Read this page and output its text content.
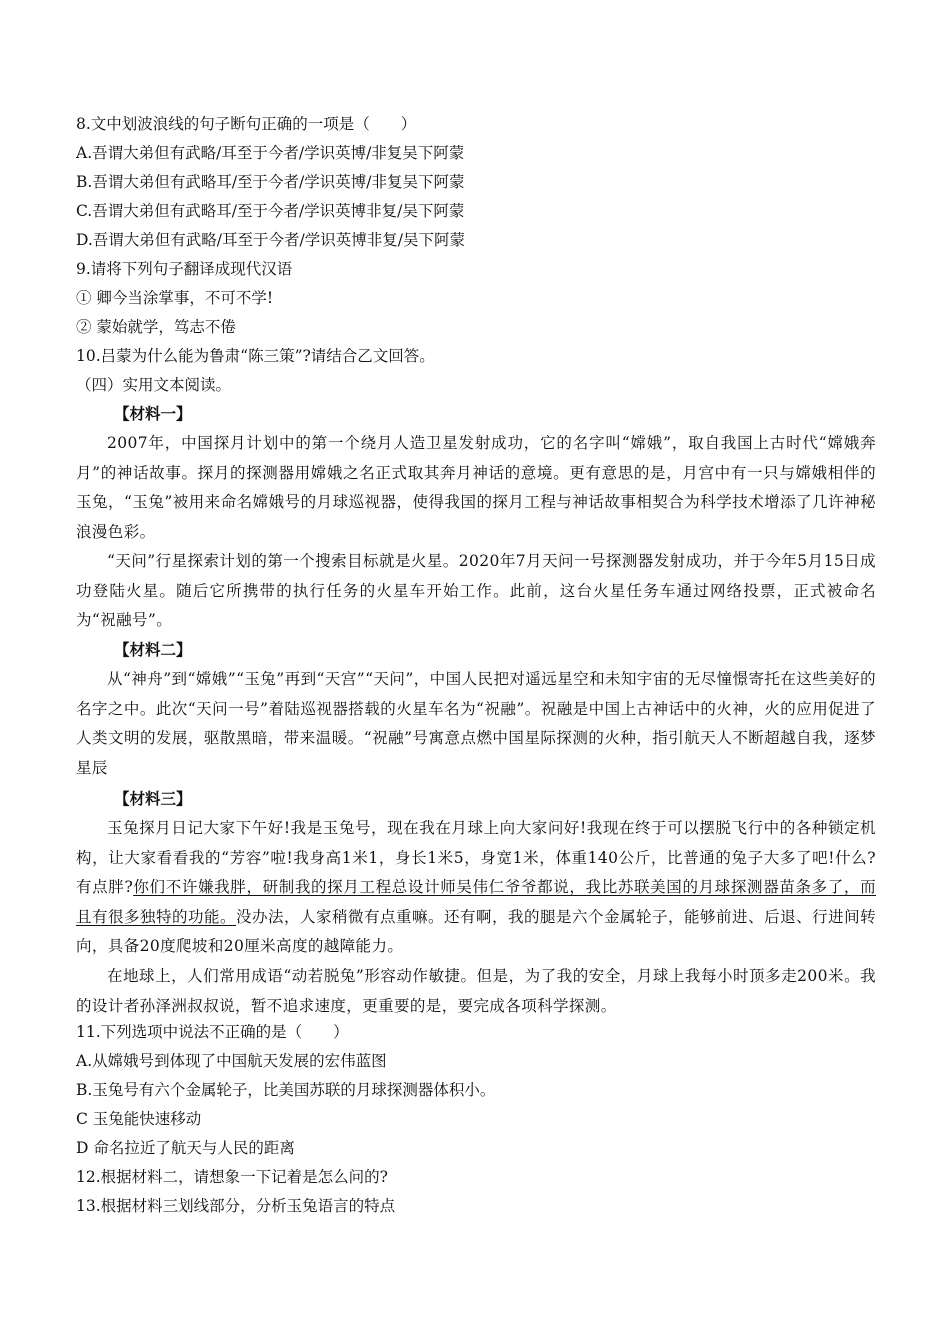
8.文中划波浪线的句子断句正确的一项是（　　）
A.吾谓大弟但有武略/耳至于今者/学识英博/非复吴下阿蒙
B.吾谓大弟但有武略耳/至于今者/学识英博/非复吴下阿蒙
C.吾谓大弟但有武略耳/至于今者/学识英博非复/吴下阿蒙
D.吾谓大弟但有武略/耳至于今者/学识英博非复/吴下阿蒙
9.请将下列句子翻译成现代汉语
① 卿今当涂掌事，不可不学!
② 蒙始就学，笃志不倦
10.吕蒙为什么能为鲁肃“陈三策”?请结合乙文回答。
（四）实用文本阅读。
【材料一】
2007年，中国探月计划中的第一个绕月人造卫星发射成功，它的名字叫“嫦娥”，取自我国上古时代“嫦娥奔月”的神话故事。探月的探测器用嫦娥之名正式取其奔月神话的意境。更有意思的是，月宫中有一只与嫦娥相伴的玉兔，“玉兔”被用来命名嫦娥号的月球巡视器，使得我国的探月工程与神话故事相契合为科学技术增添了几许神秘浪漫色彩。
“天问”行星探索计划的第一个搜索目标就是火星。2020年7月天问一号探测器发射成功，并于今年5月15日成功登陆火星。随后它所携带的执行任务的火星车开始工作。此前，这台火星任务车通过网络投票，正式被命名为“祝融号”。
【材料二】
从“神舟”到“嫦娥”“玉兔”再到“天宫”“天问”，中国人民把对遥远星空和未知宇宙的无尽憧憬寄托在这些美好的名字之中。此次“天问一号”着陆巡视器搭载的火星车名为“祝融”。祝融是中国上古神话中的火神，火的应用促进了人类文明的发展，驱散黑暗，带来温暖。“祝融”号寓意点燃中国星际探测的火种，指引航天人不断超越自我，逐梦星辰
【材料三】
玉兔探月日记大家下午好!我是玉兔号，现在我在月球上向大家问好!我现在终于可以摆脱飞行中的各种锁定机构，让大家看看我的“芳容”啦!我身高1米1，身长1米5，身宽1米，体重140公斤，比普通的兔子大多了吧!什么?有点胖?你们不许嫌我胖，研制我的探月工程总设计师吴伟仁爷爷都说，我比苏联美国的月球探测器苗条多了，而且有很多独特的功能。没办法，人家稍微有点重嘛。还有啊，我的腿是六个金属轮子，能够前进、后退、行进间转向，具备20度爬坡和20厘米高度的越障能力。
在地球上，人们常用成语“动若脱兔”形容动作敏捷。但是，为了我的安全，月球上我每小时顶多走200米。我的设计者孙泽洲叔叔说，暂不追求速度，更重要的是，要完成各项科学探测。
11.下列选项中说法不正确的是（　　）
A.从嫦娥号到体现了中国航天发展的宏伟蓝图
B.玉兔号有六个金属轮子，比美国苏联的月球探测器体积小。
C 玉兔能快速移动
D 命名拉近了航天与人民的距离
12.根据材料二，请想象一下记着是怎么问的?
13.根据材料三划线部分，分析玉兔语言的特点
